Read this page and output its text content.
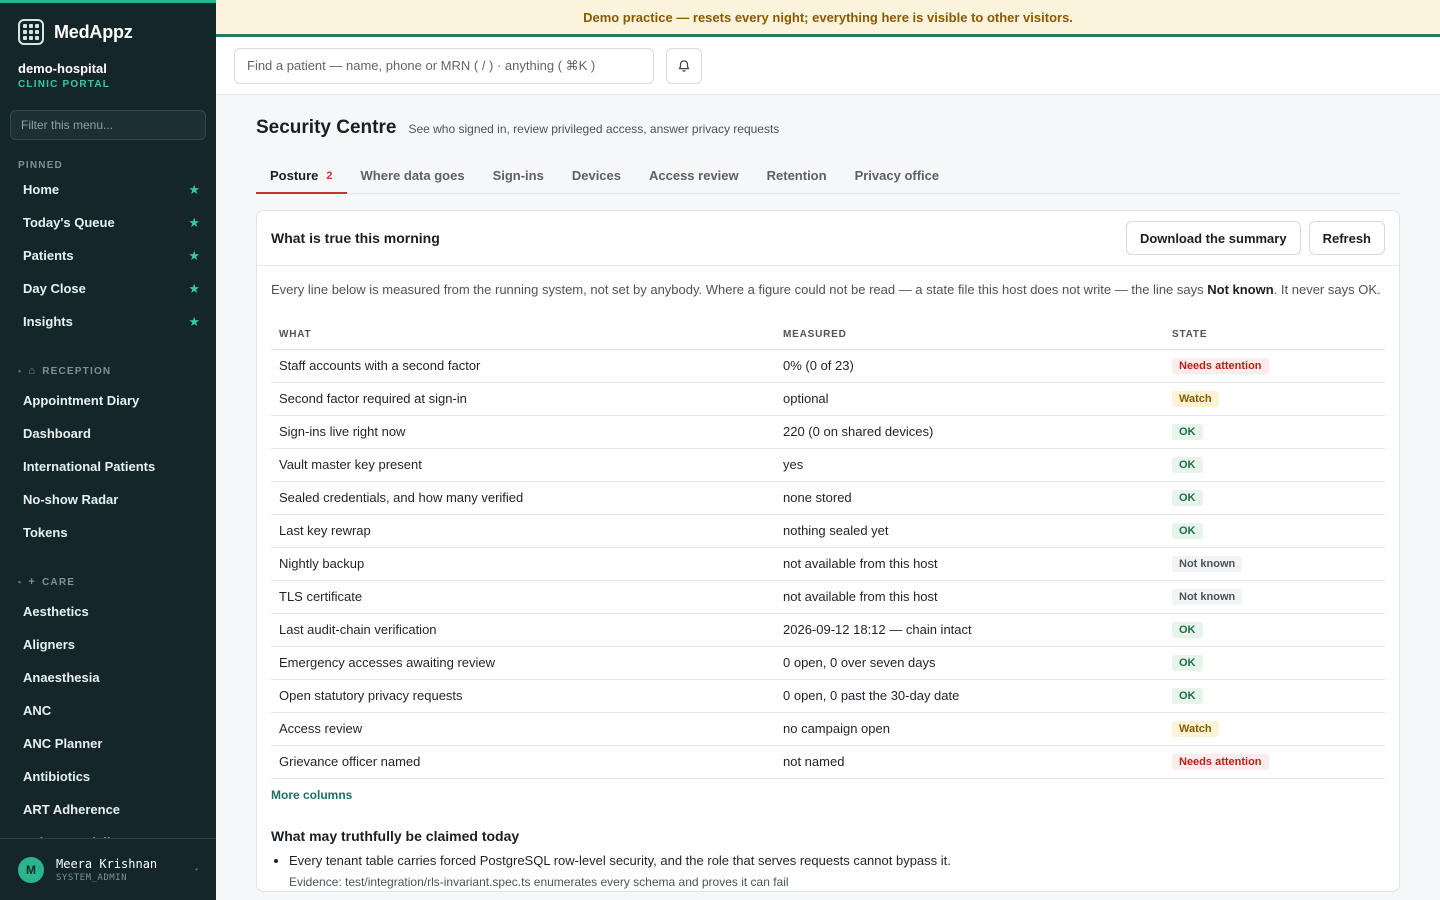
MedAppz
demo-hospital
CLINIC PORTAL
Filter this menu...
PINNED
Home	★
Today's Queue	★
Patients	★
Day Close	★
Insights	★
• ⌂ RECEPTION
Appointment Diary
Dashboard
International Patients
No-show Radar
Tokens
• + CARE
Aesthetics
Aligners
Anaesthesia
ANC
ANC Planner
Antibiotics
ART Adherence
M	Meera Krishnan
SYSTEM_ADMIN
•
Demo practice — resets every night; everything here is visible to other visitors.
Find a patient — name, phone or MRN ( / ) · anything ( ⌘K )
Security Centre See who signed in, review privileged access, answer privacy requests
Posture 2 Where data goes Sign-ins Devices Access review Retention Privacy office
What is true this morning	Download the summary	Refresh

Every line below is measured from the running system, not set by anybody. Where a figure could not be read — a state file this host does not write — the line says Not known. It never says OK.

WHAT	MEASURED	STATE
Staff accounts with a second factor	0% (0 of 23)	Needs attention
Second factor required at sign-in	optional	Watch
Sign-ins live right now	220 (0 on shared devices)	OK
Vault master key present	yes	OK
Sealed credentials, and how many verified	none stored	OK
Last key rewrap	nothing sealed yet	OK
Nightly backup	not available from this host	Not known
TLS certificate	not available from this host	Not known
Last audit-chain verification	2026-09-12 18:12 — chain intact	OK
Emergency accesses awaiting review	0 open, 0 over seven days	OK
Open statutory privacy requests	0 open, 0 past the 30-day date	OK
Access review	no campaign open	Watch
Grievance officer named	not named	Needs attention
More columns
What may truthfully be claimed today
• Every tenant table carries forced PostgreSQL row-level security, and the role that serves requests cannot bypass it.
Evidence: test/integration/rls-invariant.spec.ts enumerates every schema and proves it can fail
